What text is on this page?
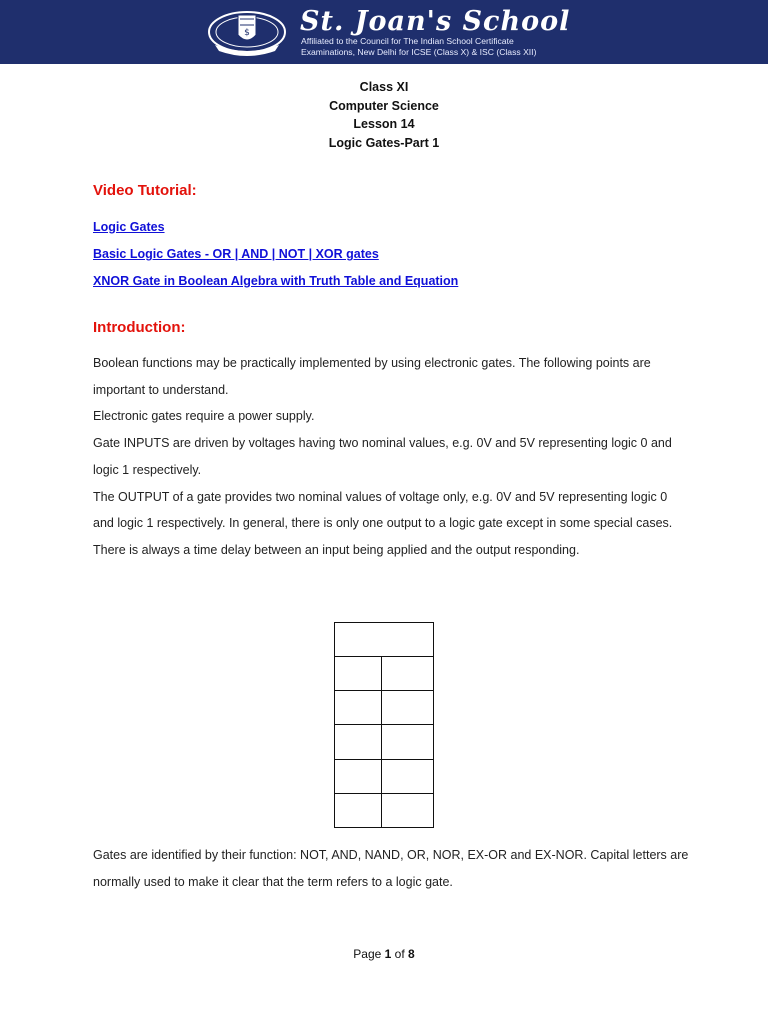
$ St. Joan's School
Affiliated to the Council for The Indian School Certificate
Examinations, New Delhi for ICSE (Class X) & ISC (Class XII)
Class XI
Computer Science
Lesson 14
Logic Gates-Part 1
Video Tutorial:
Logic Gates
Basic Logic Gates - OR | AND | NOT | XOR gates
XNOR Gate in Boolean Algebra with Truth Table and Equation
Introduction:

Boolean functions may be practically implemented by using electronic gates. The following points are important to understand.

Electronic gates require a power supply.

Gate INPUTS are driven by voltages having two nominal values, e.g. 0V and 5V representing logic 0 and logic 1 respectively.

The OUTPUT of a gate provides two nominal values of voltage only, e.g. 0V and 5V representing logic 0 and logic 1 respectively. In general, there is only one output to a logic gate except in some special cases.

There is always a time delay between an input being applied and the output responding.

Gates are identified by their function: NOT, AND, NAND, OR, NOR, EX-OR and EX-NOR. Capital letters are normally used to make it clear that the term refers to a logic gate.

Page 1 of 8
